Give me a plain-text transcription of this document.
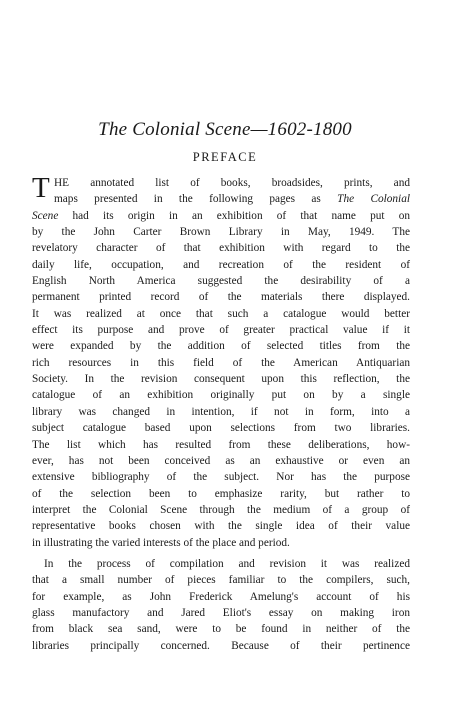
The Colonial Scene—1602-1800
PREFACE
T HE annotated list of books, broadsides, prints, and
maps presented in the following pages as The Colonial
Scene had its origin in an exhibition of that name put on
by the John Carter Brown Library in May, 1949. The
revelatory character of that exhibition with regard to the
daily life, occupation, and recreation of the resident of
English North America suggested the desirability of a
permanent printed record of the materials there displayed.
It was realized at once that such a catalogue would better
effect its purpose and prove of greater practical value if it
were expanded by the addition of selected titles from the
rich resources in this field of the American Antiquarian
Society. In the revision consequent upon this reflection, the
catalogue of an exhibition originally put on by a single
library was changed in intention, if not in form, into a
subject catalogue based upon selections from two libraries.
The list which has resulted from these deliberations, how-
ever, has not been conceived as an exhaustive or even an
extensive bibliography of the subject. Nor has the purpose
of the selection been to emphasize rarity, but rather to
interpret the Colonial Scene through the medium of a group of
representative books chosen with the single idea of their value
in illustrating the varied interests of the place and period.
In the process of compilation and revision it was realized
that a small number of pieces familiar to the compilers, such,
for example, as John Frederick Amelung's account of his
glass manufactory and Jared Eliot's essay on making iron
from black sea sand, were to be found in neither of the
libraries principally concerned. Because of their pertinence
